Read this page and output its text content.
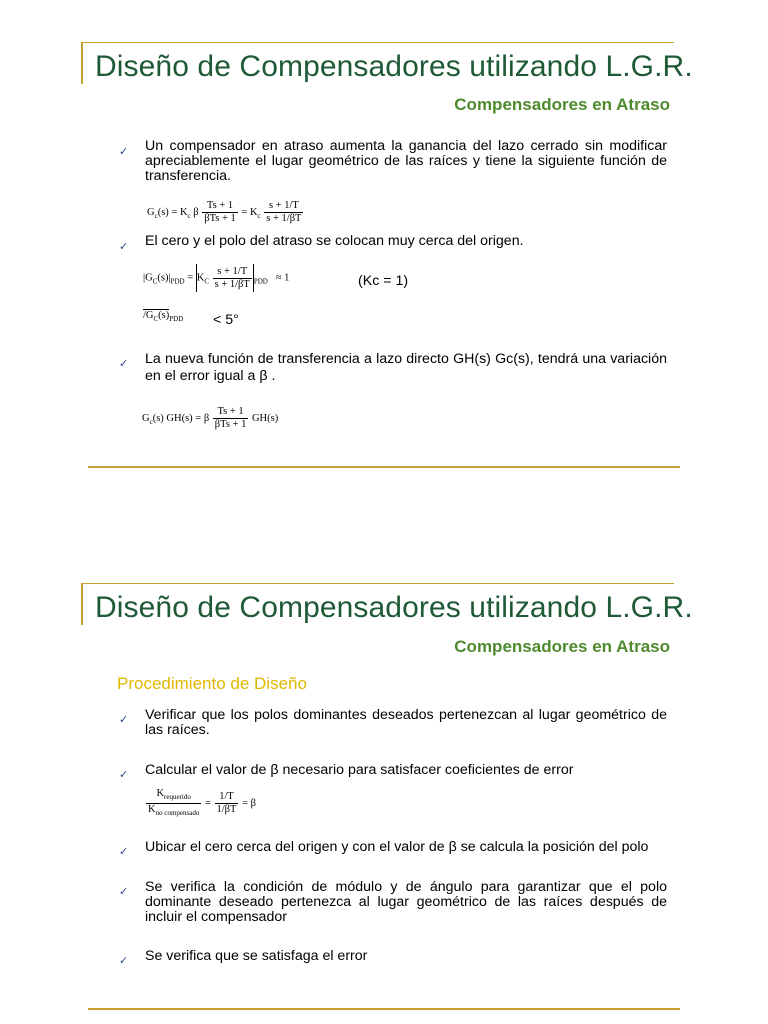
Diseño de Compensadores utilizando L.G.R.
Compensadores en Atraso
✓ Un compensador en atraso aumenta la ganancia del lazo cerrado sin modificar apreciablemente el lugar geométrico de las raíces y tiene la siguiente función de transferencia.
$G_c(s) = K_c$ β $\frac{Ts + 1}{\text{βTs + 1}} = K_c \frac{s + 1/T}{s + 1/\beta T}$
✓ El cero y el polo del atraso se colocan muy cerca del origen.
$|G_C(s)|_{PDD} = K_C \frac{s + 1/T}{s + 1/\beta T} _{PDD} \approx 1$	(Kc = 1)
$/G_C(s)_{PDD} < 5^\circ$
✓ La nueva función de transferencia a lazo directo GH(s) Gc(s), tendrá una variación en el error igual a β .
$G_c(s) GH(s) = \beta \frac{Ts + 1}{\text{βTs + 1}} GH(s)$
Diseño de Compensadores utilizando L.G.R.
Compensadores en Atraso
Procedimiento de Diseño
✓ Verificar que los polos dominantes deseados pertenezcan al lugar geométrico de las raíces.
✓ Calcular el valor de β necesario para satisfacer coeficientes de error
$\frac{K_{requerido}}{K_{no compensado}} = \frac{1/T}{1/\beta T} = \beta$
✓ Ubicar el cero cerca del origen y con el valor de β se calcula la posición del polo
✓ Se verifica la condición de módulo y de ángulo para garantizar que el polo dominante deseado pertenezca al lugar geométrico de las raíces después de incluir el compensador
✓ Se verifica que se satisfaga el error
